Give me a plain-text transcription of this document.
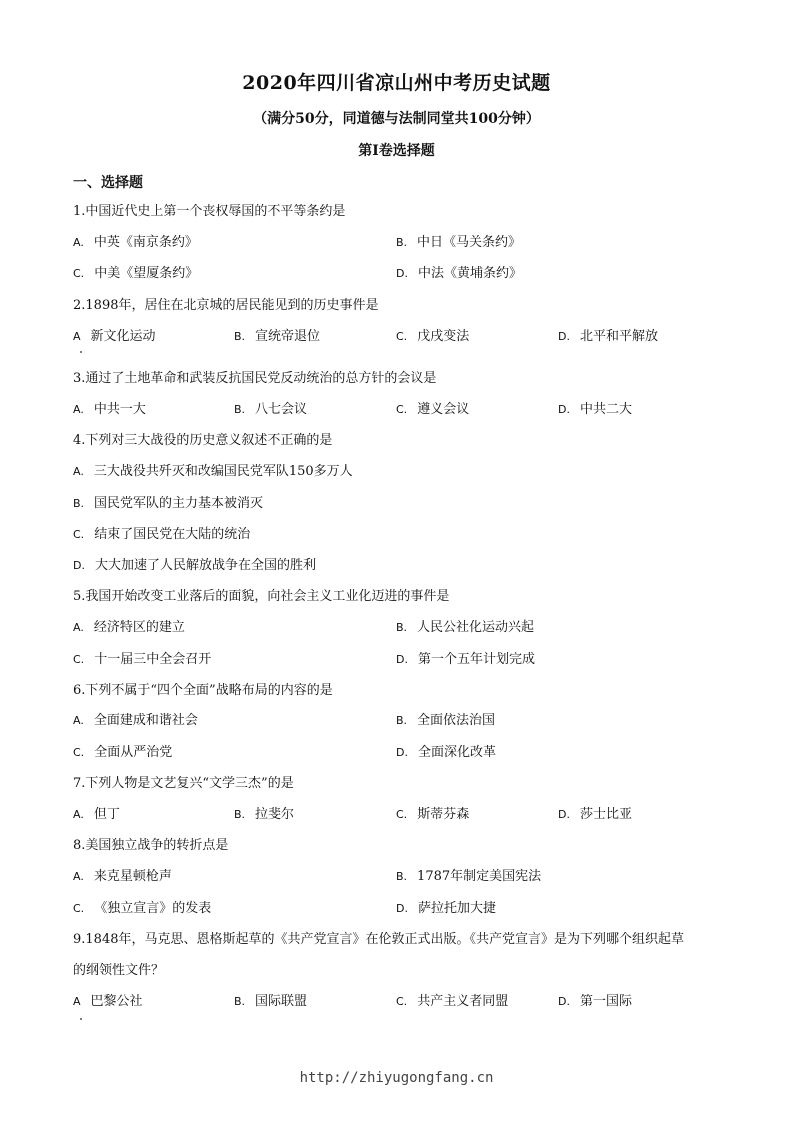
2020年四川省凉山州中考历史试题
（满分50分，同道德与法制同堂共100分钟）
第Ⅰ卷选择题
一、选择题
1.中国近代史上第一个丧权辱国的不平等条约是
A. 中英《南京条约》	B. 中日《马关条约》
C. 中美《望厦条约》	D. 中法《黄埔条约》
2.1898年，居住在北京城的居民能见到的历史事件是
A 新文化运动	B. 宣统帝退位	C. 戊戌变法	D. 北平和平解放
3.通过了土地革命和武装反抗国民党反动统治的总方针的会议是
A. 中共一大	B. 八七会议	C. 遵义会议	D. 中共二大
4.下列对三大战役的历史意义叙述不正确的是
A. 三大战役共歼灭和改编国民党军队150多万人
B. 国民党军队的主力基本被消灭
C. 结束了国民党在大陆的统治
D. 大大加速了人民解放战争在全国的胜利
5.我国开始改变工业落后的面貌，向社会主义工业化迈进的事件是
A. 经济特区的建立	B. 人民公社化运动兴起
C. 十一届三中全会召开	D. 第一个五年计划完成
6.下列不属于“四个全面”战略布局的内容的是
A. 全面建成和谐社会	B. 全面依法治国
C. 全面从严治党	D. 全面深化改革
7.下列人物是文艺复兴“文学三杰”的是
A. 但丁	B. 拉斐尔	C. 斯蒂芬森	D. 莎士比亚
8.美国独立战争的转折点是
A. 来克星顿枪声	B. 1787年制定美国宪法
C. 《独立宣言》的发表	D. 萨拉托加大捷
9.1848年，马克思、恩格斯起草的《共产党宣言》在伦敦正式出版。《共产党宣言》是为下列哪个组织起草
的纲领性文件？
A 巴黎公社	B. 国际联盟	C. 共产主义者同盟	D. 第一国际
http://zhiyugongfang.cn
